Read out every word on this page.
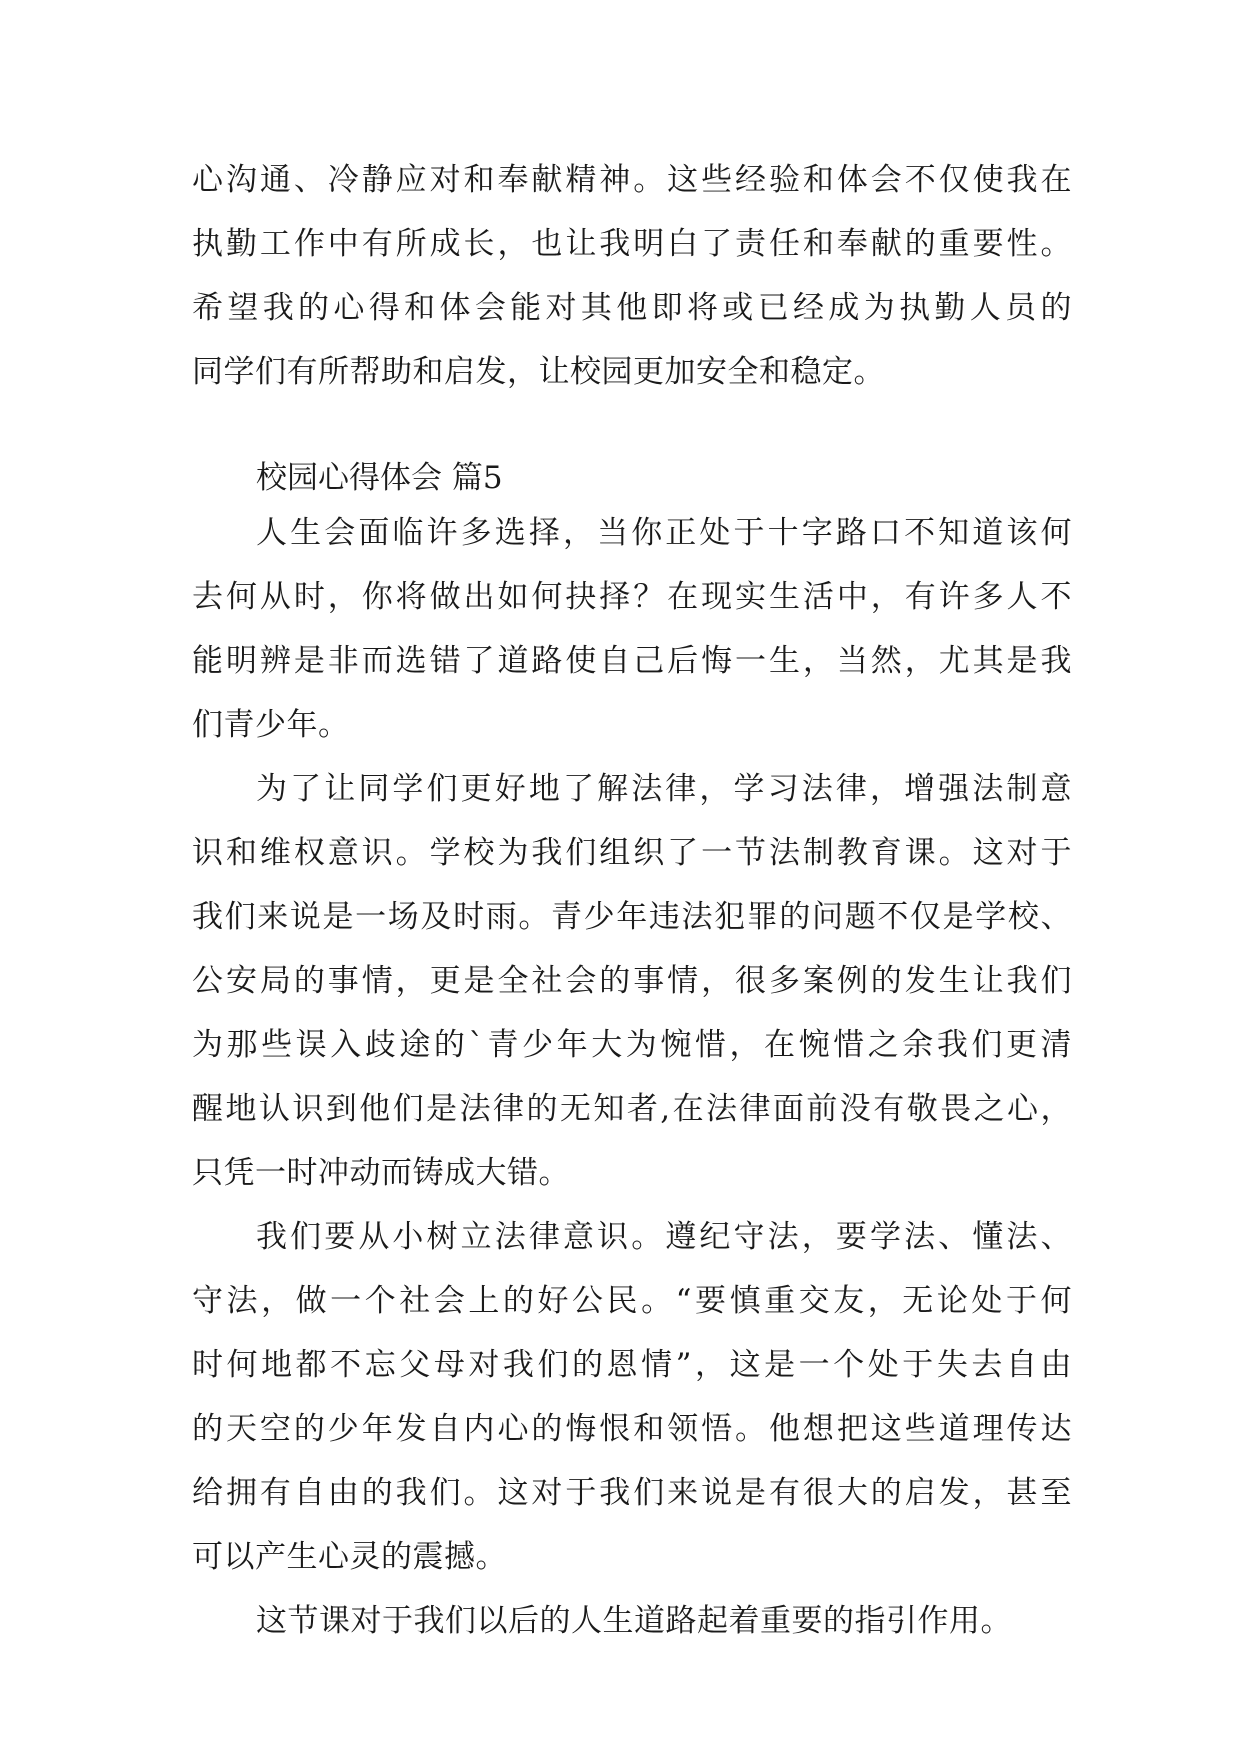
心沟通、冷静应对和奉献精神。这些经验和体会不仅使我在
执勤工作中有所成长，也让我明白了责任和奉献的重要性。
希望我的心得和体会能对其他即将或已经成为执勤人员的
同学们有所帮助和启发，让校园更加安全和稳定。
校园心得体会 篇5
人生会面临许多选择，当你正处于十字路口不知道该何
去何从时，你将做出如何抉择？在现实生活中，有许多人不
能明辨是非而选错了道路使自己后悔一生，当然，尤其是我
们青少年。
为了让同学们更好地了解法律，学习法律，增强法制意
识和维权意识。学校为我们组织了一节法制教育课。这对于
我们来说是一场及时雨。青少年违法犯罪的问题不仅是学校、
公安局的事情，更是全社会的事情，很多案例的发生让我们
为那些误入歧途的`青少年大为惋惜，在惋惜之余我们更清
醒地认识到他们是法律的无知者,在法律面前没有敬畏之心，
只凭一时冲动而铸成大错。
我们要从小树立法律意识。遵纪守法，要学法、懂法、
守法，做一个社会上的好公民。“要慎重交友，无论处于何
时何地都不忘父母对我们的恩情”，这是一个处于失去自由
的天空的少年发自内心的悔恨和领悟。他想把这些道理传达
给拥有自由的我们。这对于我们来说是有很大的启发，甚至
可以产生心灵的震撼。
这节课对于我们以后的人生道路起着重要的指引作用。
